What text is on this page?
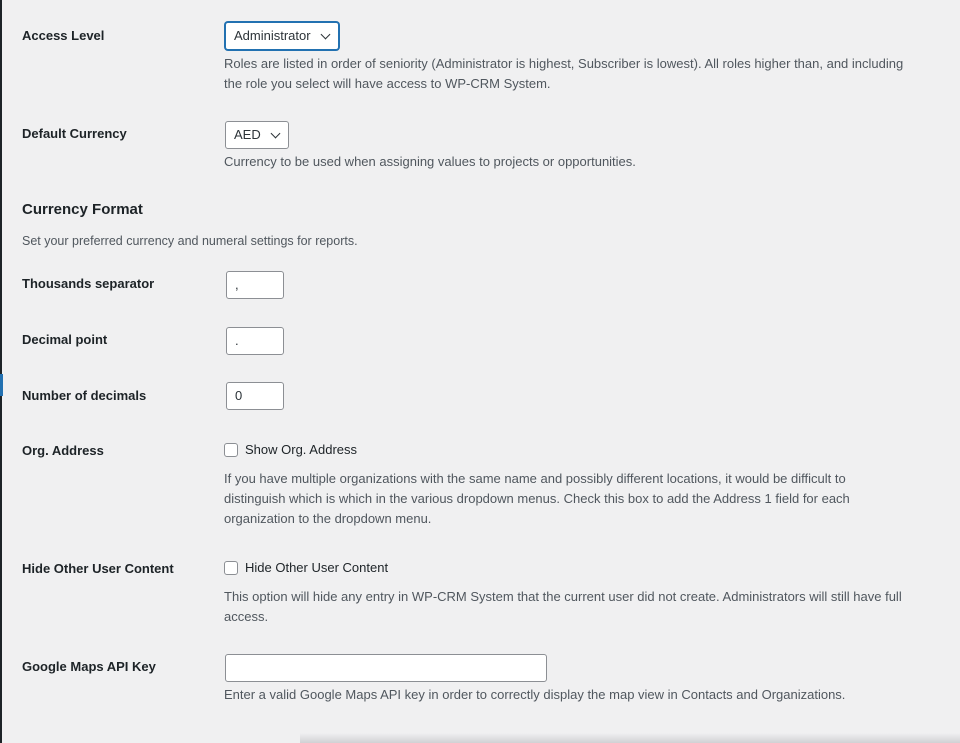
Access Level	Administrator
Roles are listed in order of seniority (Administrator is highest, Subscriber is lowest). All roles higher than, and including the role you select will have access to WP-CRM System.
Default Currency	AED
Currency to be used when assigning values to projects or opportunities.
Currency Format
Set your preferred currency and numeral settings for reports.
Thousands separator	,
Decimal point	.
Number of decimals	0
Org. Address	Show Org. Address
If you have multiple organizations with the same name and possibly different locations, it would be difficult to distinguish which is which in the various dropdown menus. Check this box to add the Address 1 field for each organization to the dropdown menu.
Hide Other User Content	Hide Other User Content
This option will hide any entry in WP-CRM System that the current user did not create. Administrators will still have full access.
Google Maps API Key
Enter a valid Google Maps API key in order to correctly display the map view in Contacts and Organizations.
